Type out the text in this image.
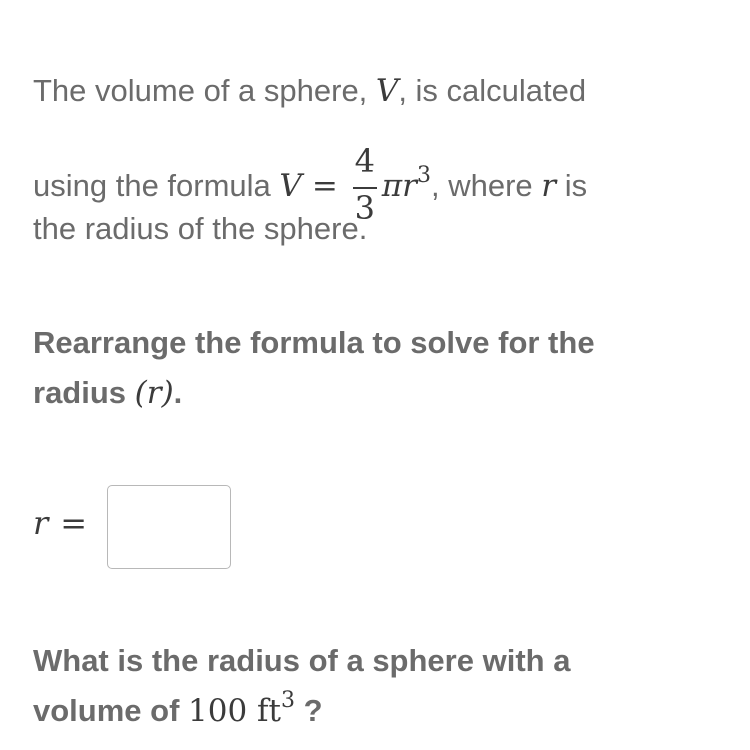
The volume of a sphere, V, is calculated
using the formula $V = \frac{4}{3} \pi r^3$, where r is
the radius of the sphere.
Rearrange the formula to solve for the
radius (r).
r =
What is the radius of a sphere with a
volume of 100 $ft^3$ ?
